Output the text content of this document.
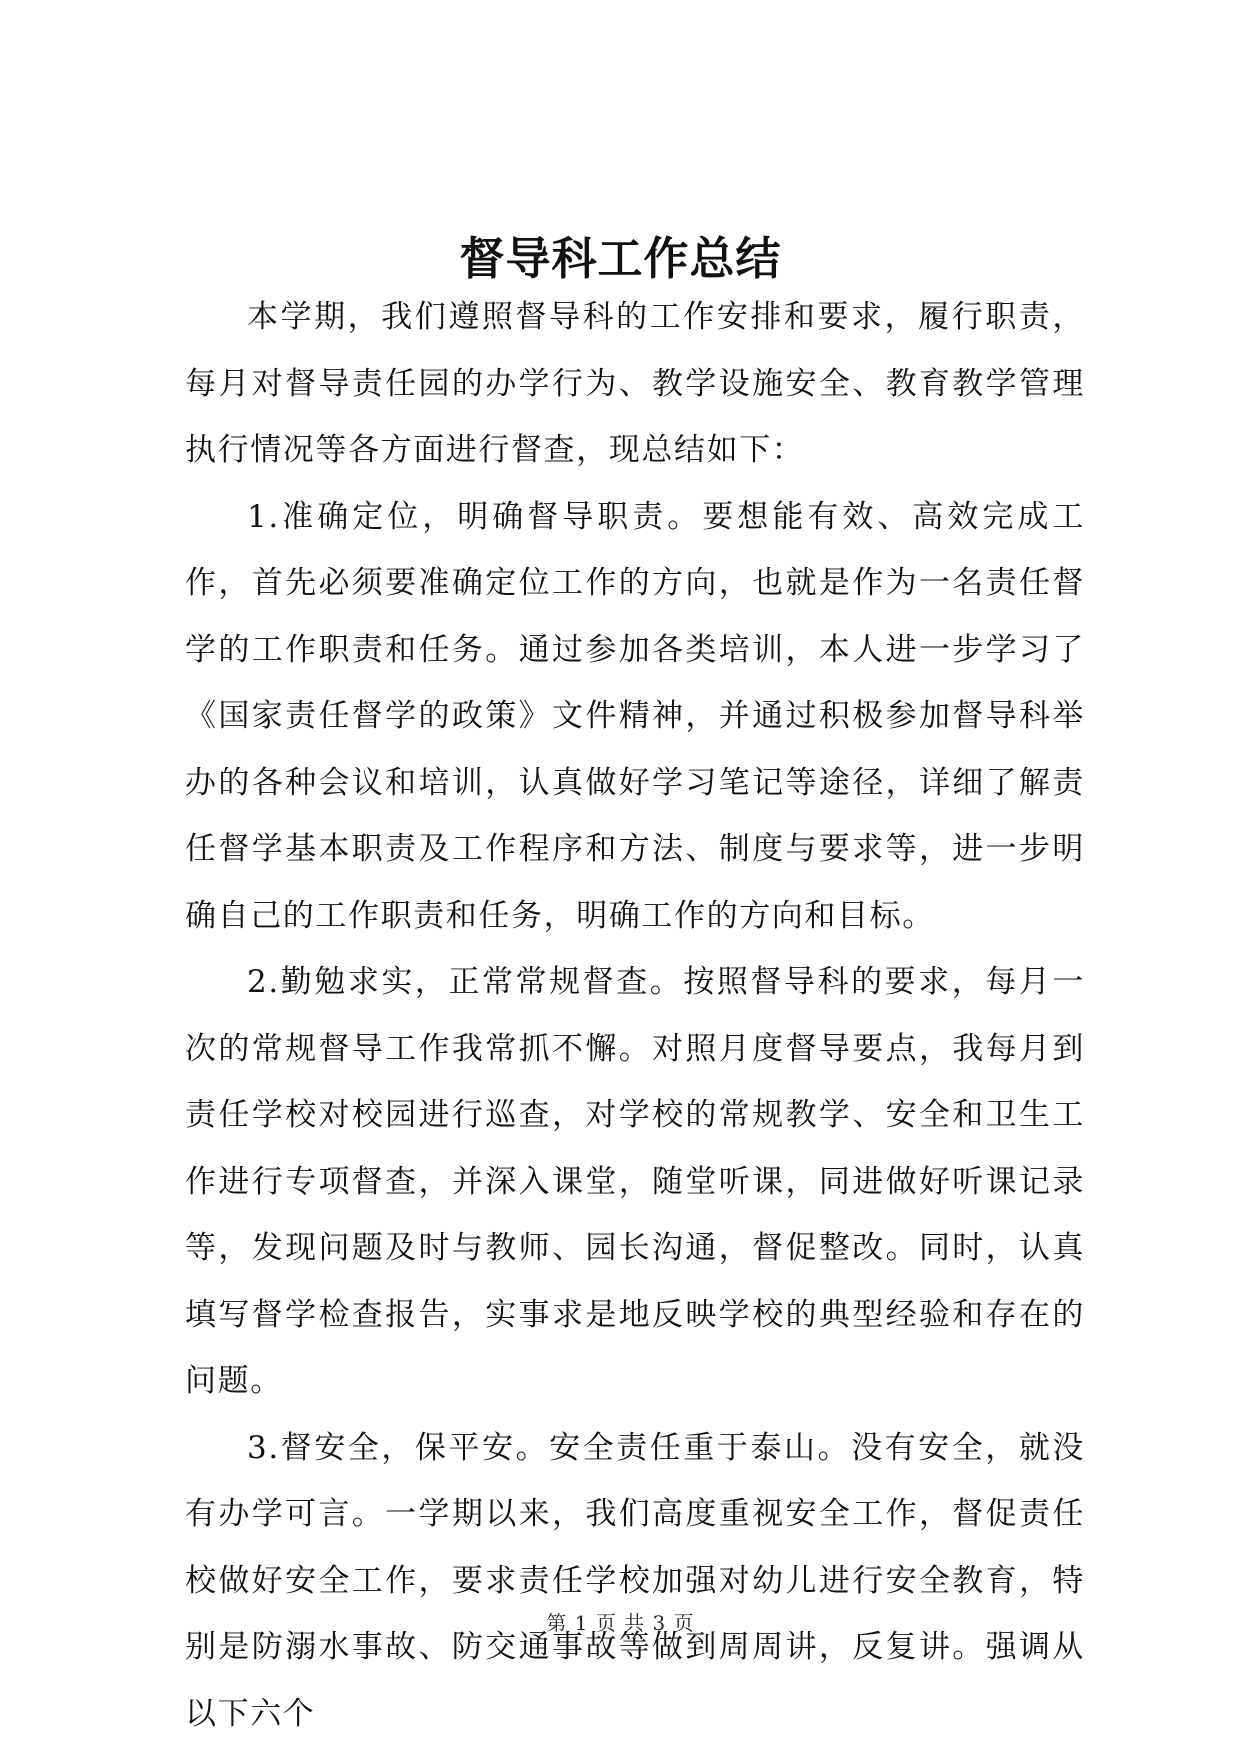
督导科工作总结

本学期，我们遵照督导科的工作安排和要求，履行职责，每月对督导责任园的办学行为、教学设施安全、教育教学管理执行情况等各方面进行督查，现总结如下：

1.准确定位，明确督导职责。要想能有效、高效完成工作，首先必须要准确定位工作的方向，也就是作为一名责任督学的工作职责和任务。通过参加各类培训，本人进一步学习了《国家责任督学的政策》文件精神，并通过积极参加督导科举办的各种会议和培训，认真做好学习笔记等途径，详细了解责任督学基本职责及工作程序和方法、制度与要求等，进一步明确自己的工作职责和任务，明确工作的方向和目标。

2.勤勉求实，正常常规督查。按照督导科的要求，每月一次的常规督导工作我常抓不懈。对照月度督导要点，我每月到责任学校对校园进行巡查，对学校的常规教学、安全和卫生工作进行专项督查，并深入课堂，随堂听课，同进做好听课记录等，发现问题及时与教师、园长沟通，督促整改。同时，认真填写督学检查报告，实事求是地反映学校的典型经验和存在的问题。

3.督安全，保平安。安全责任重于泰山。没有安全，就没有办学可言。一学期以来，我们高度重视安全工作，督促责任校做好安全工作，要求责任学校加强对幼儿进行安全教育，特别是防溺水事故、防交通事故等做到周周讲，反复讲。强调从以下六个

第 1 页 共 3 页
